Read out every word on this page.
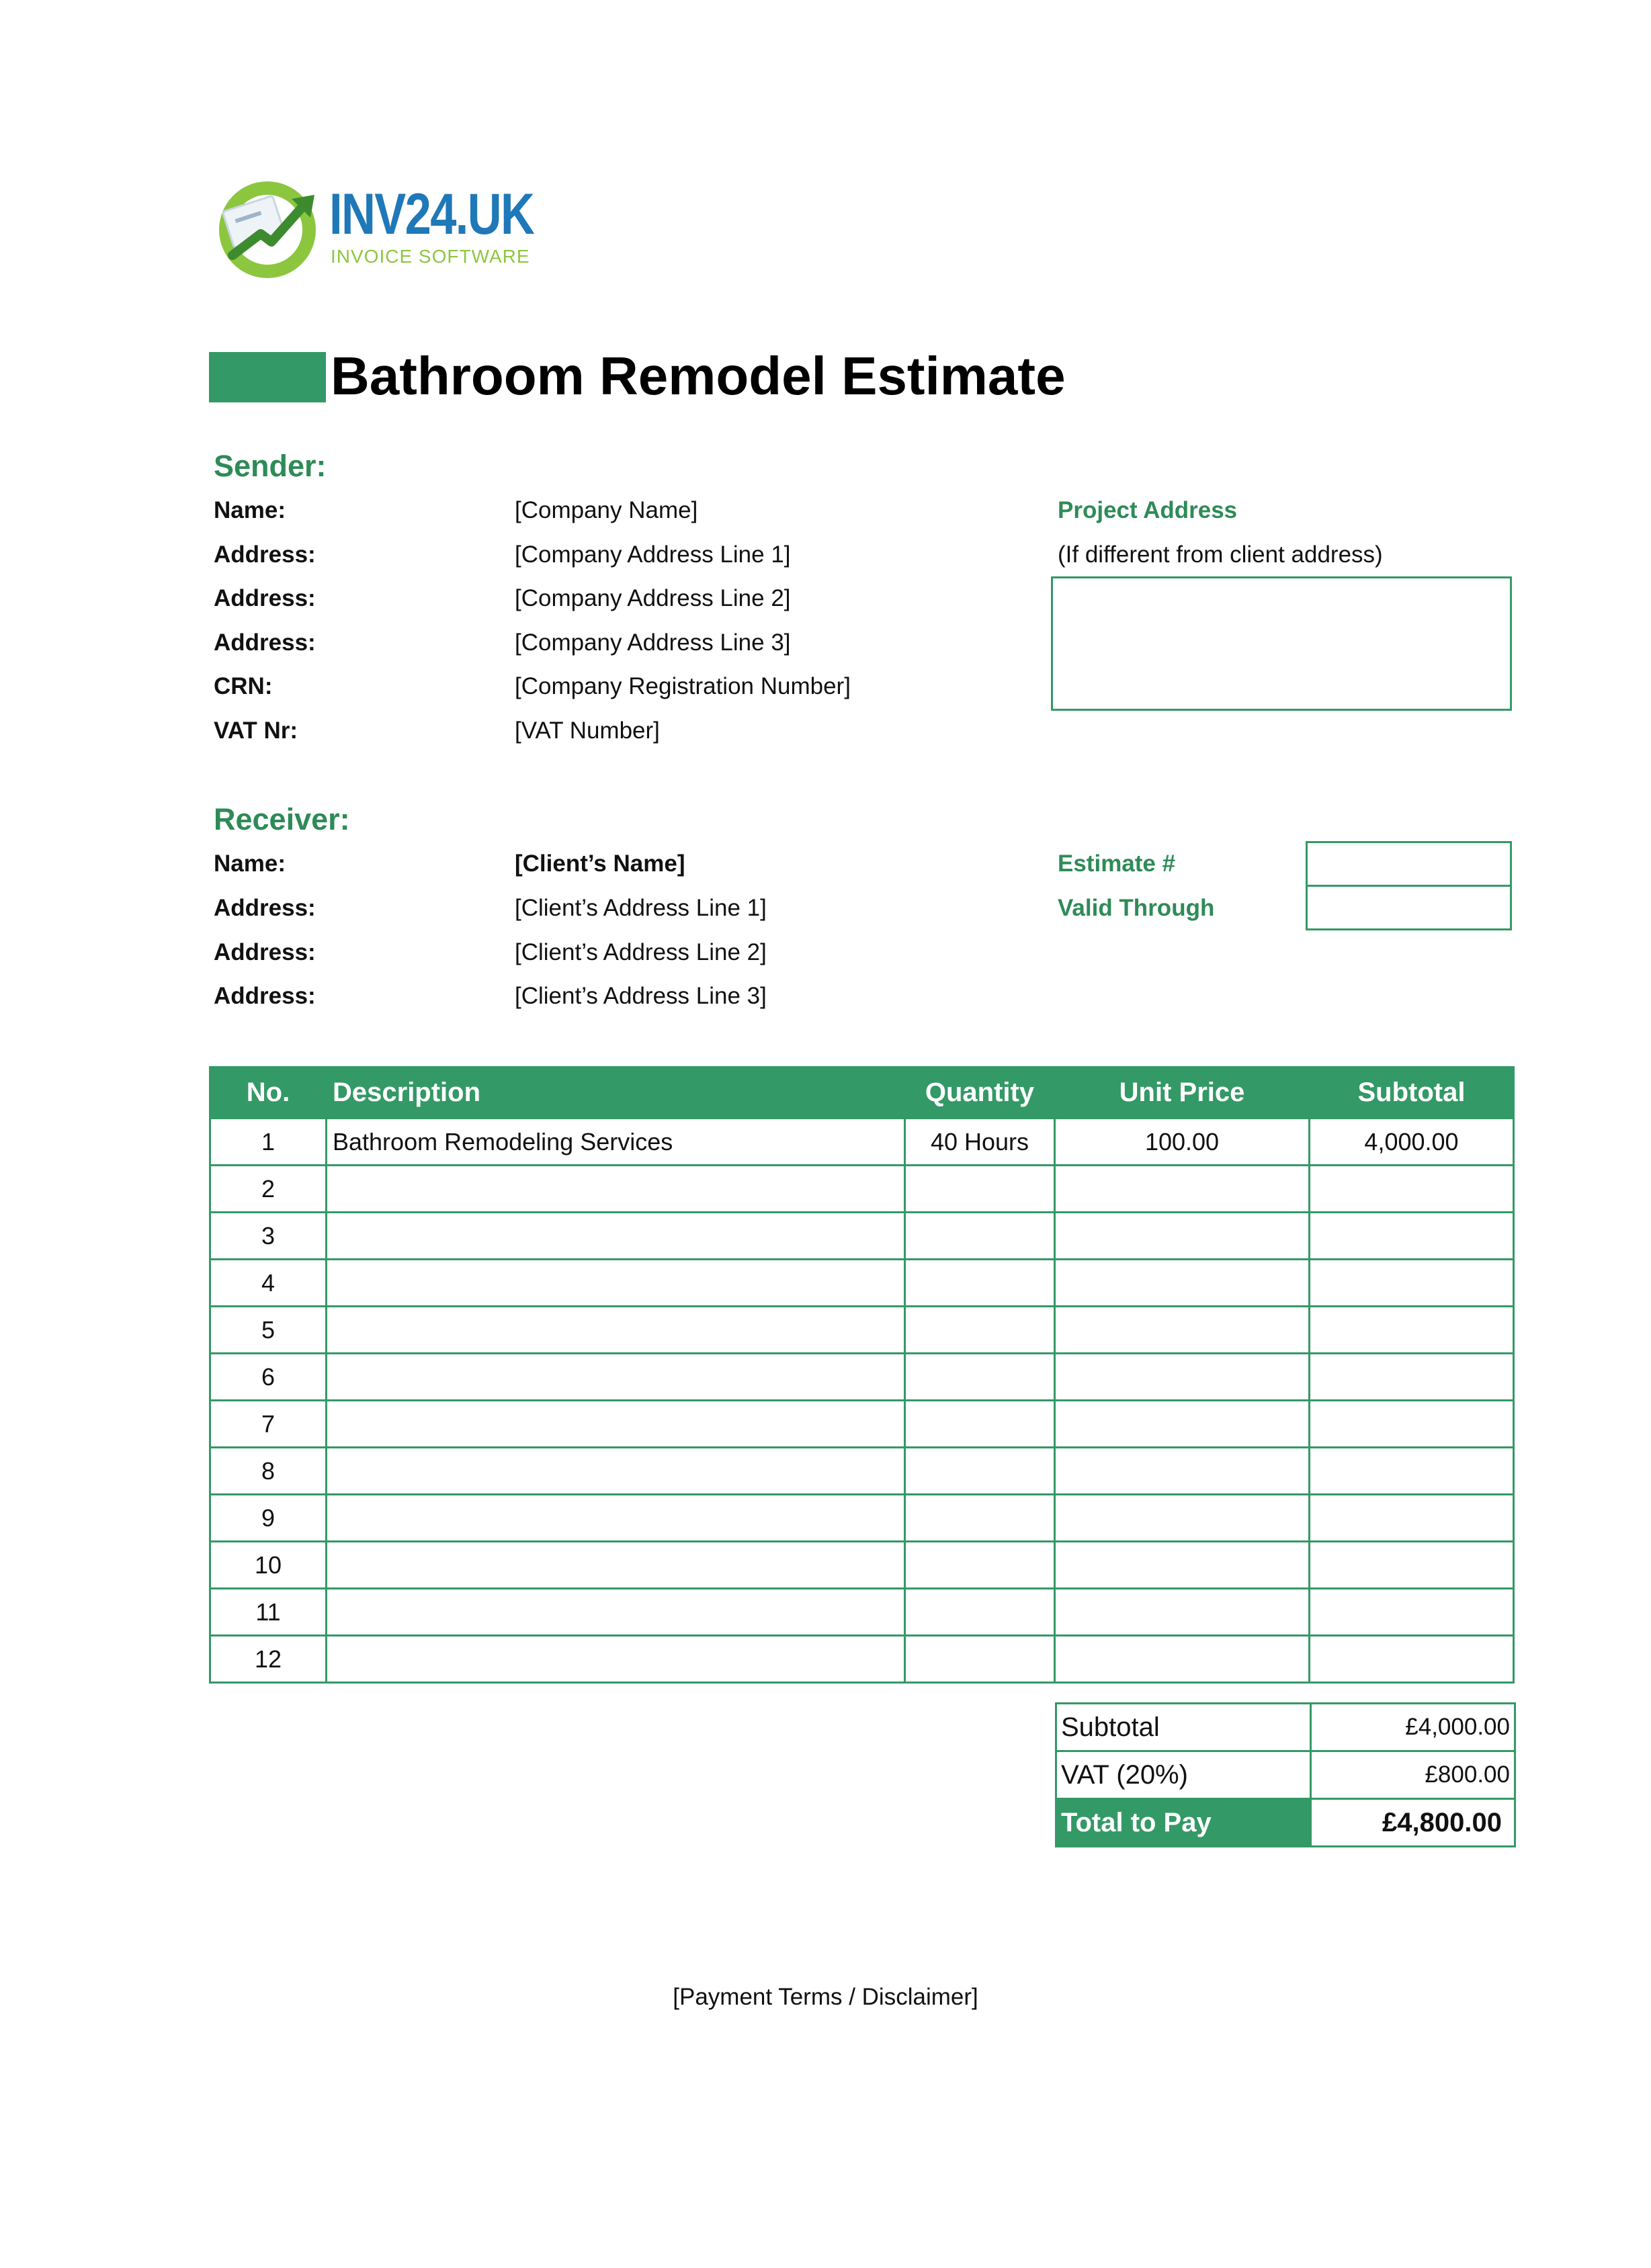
INV24.UK
INVOICE SOFTWARE
Bathroom Remodel Estimate
Sender:
Name:	[Company Name]
Address:	[Company Address Line 1]
Address:	[Company Address Line 2]
Address:	[Company Address Line 3]
CRN:	[Company Registration Number]
VAT Nr:	[VAT Number]
Project Address
(If different from client address)
Receiver:
Name:	[Client’s Name]
Address:	[Client’s Address Line 1]
Address:	[Client’s Address Line 2]
Address:	[Client’s Address Line 3]
Estimate #
Valid Through
No.	Description		Quantity	Unit Price	Subtotal
1	Bathroom Remodeling Services		40 Hours	100.00	4,000.00
2					
3					
4					
5					
6					
7					
8					
9					
10					
11					
12					
Subtotal	£4,000.00
VAT (20%)	£800.00
Total to Pay	£4,800.00
[Payment Terms / Disclaimer]
